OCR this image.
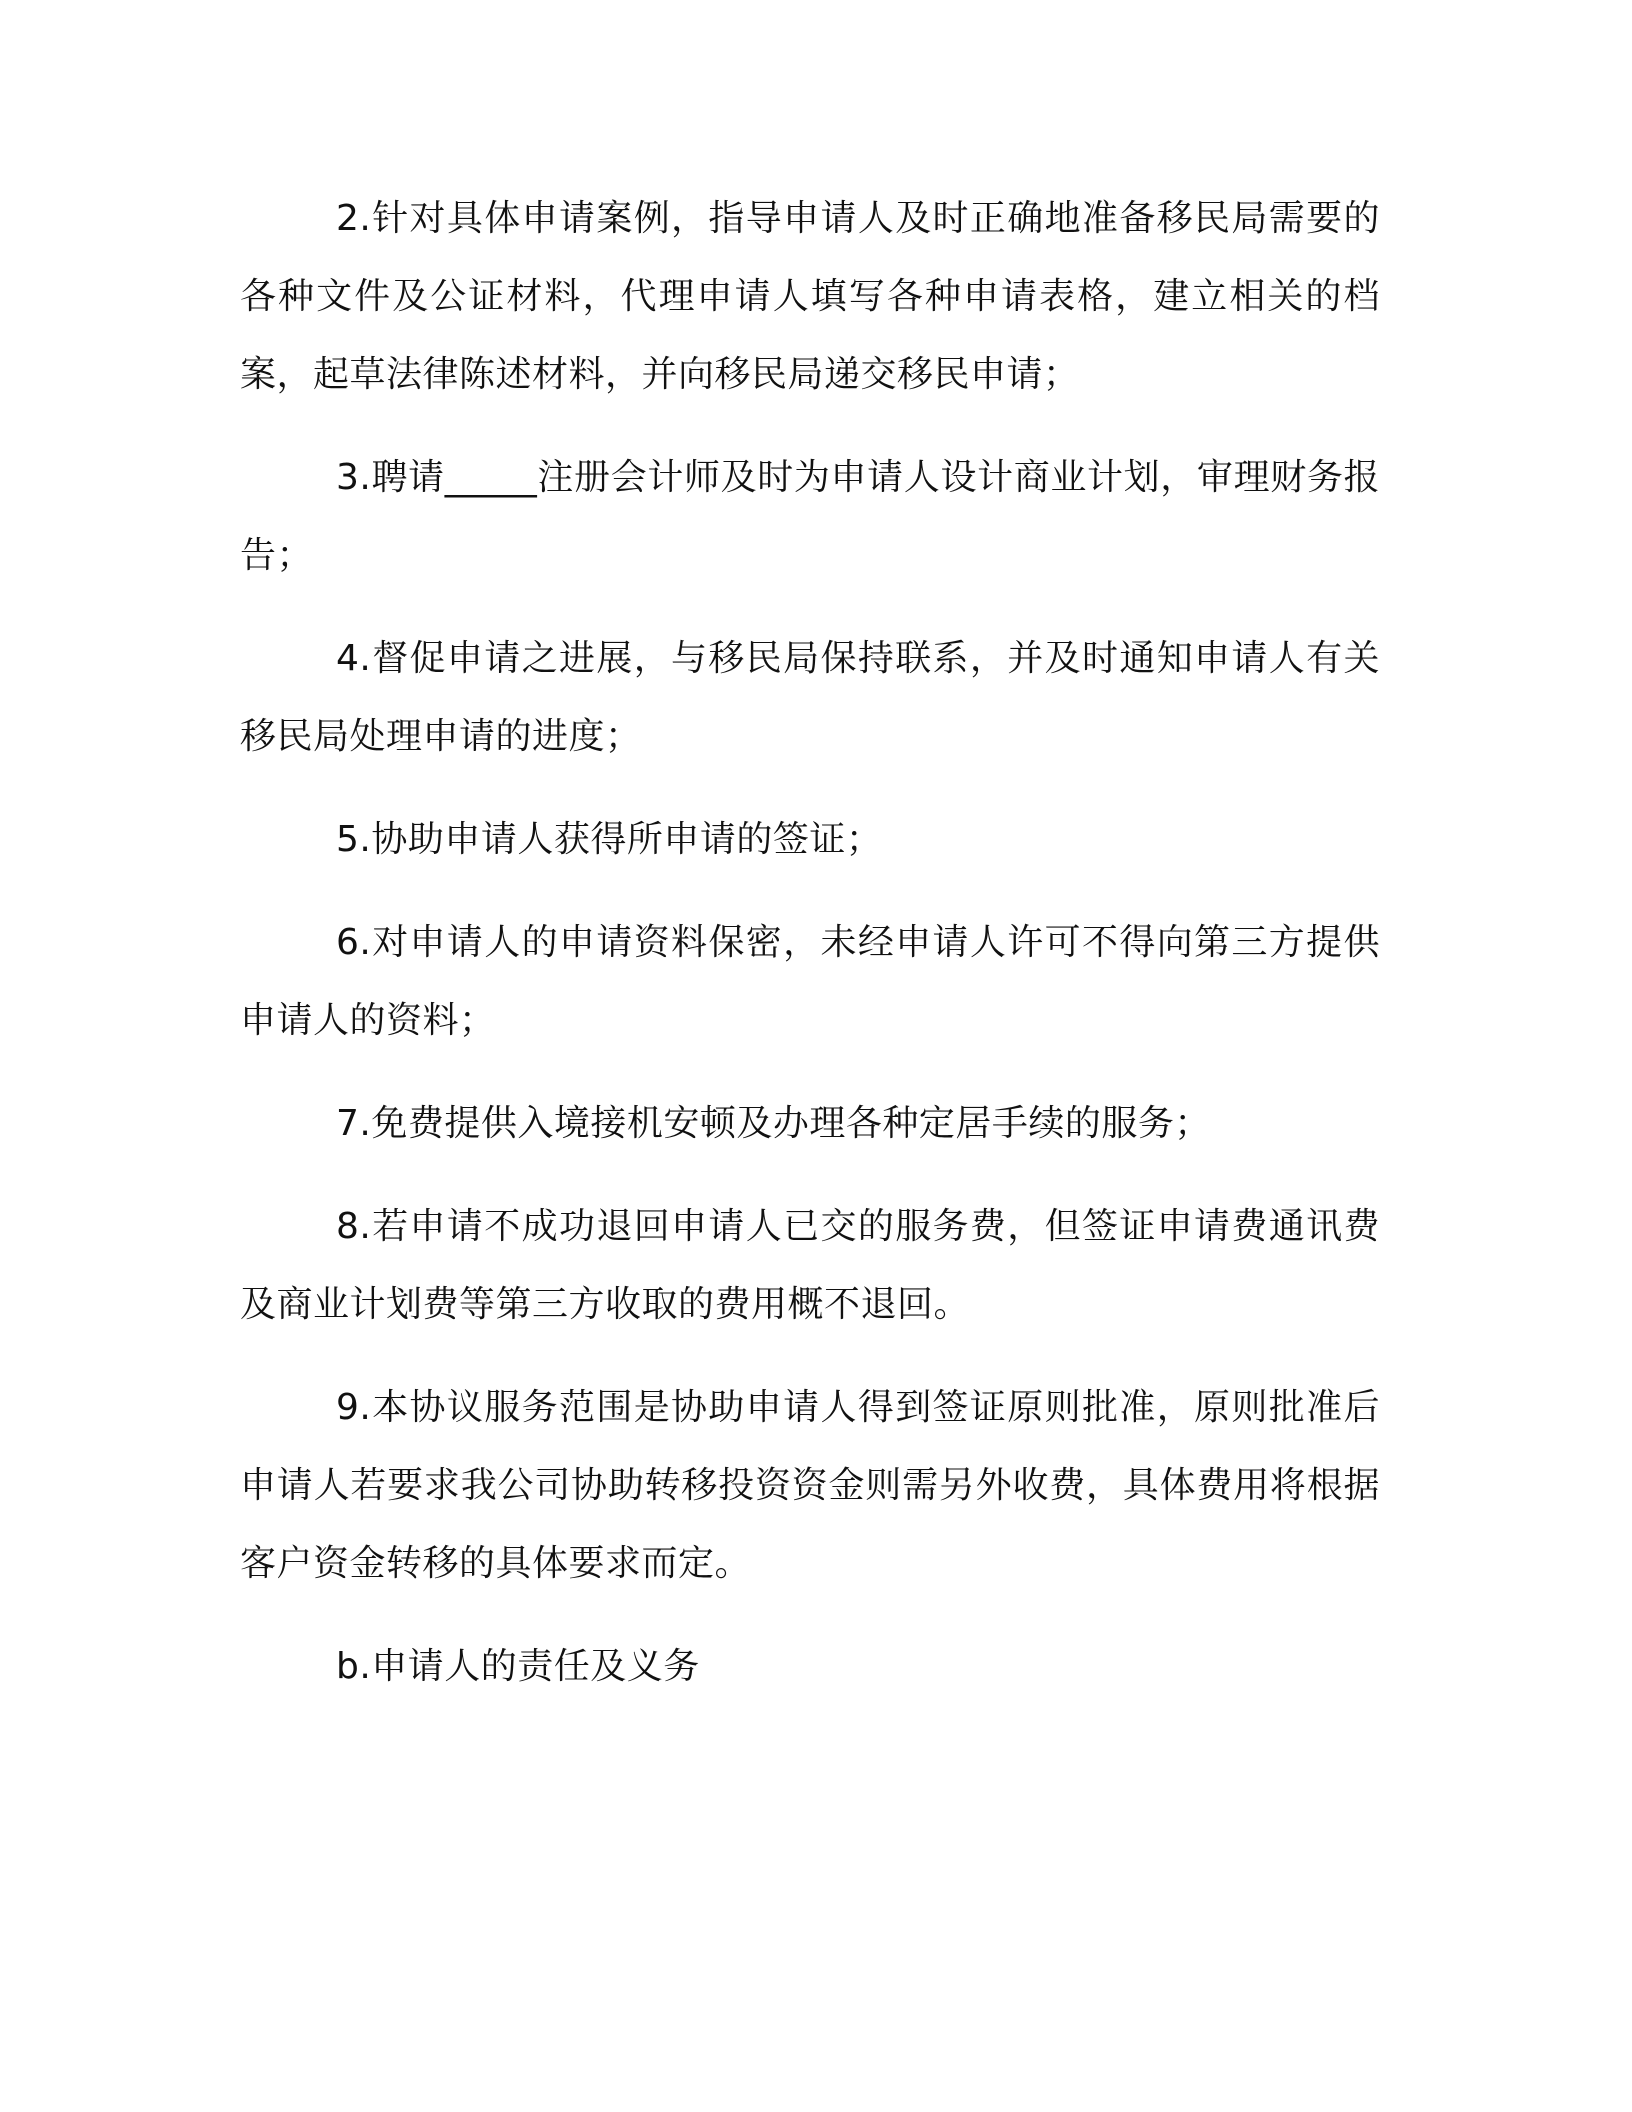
2.针对具体申请案例，指导申请人及时正确地准备移民局需要的各种文件及公证材料，代理申请人填写各种申请表格，建立相关的档案，起草法律陈述材料，并向移民局递交移民申请；

3.聘请_____注册会计师及时为申请人设计商业计划，审理财务报告；

4.督促申请之进展，与移民局保持联系，并及时通知申请人有关移民局处理申请的进度；

5.协助申请人获得所申请的签证；

6.对申请人的申请资料保密，未经申请人许可不得向第三方提供申请人的资料；

7.免费提供入境接机安顿及办理各种定居手续的服务；

8.若申请不成功退回申请人已交的服务费，但签证申请费通讯费及商业计划费等第三方收取的费用概不退回。

9.本协议服务范围是协助申请人得到签证原则批准，原则批准后申请人若要求我公司协助转移投资资金则需另外收费，具体费用将根据客户资金转移的具体要求而定。

b.申请人的责任及义务
